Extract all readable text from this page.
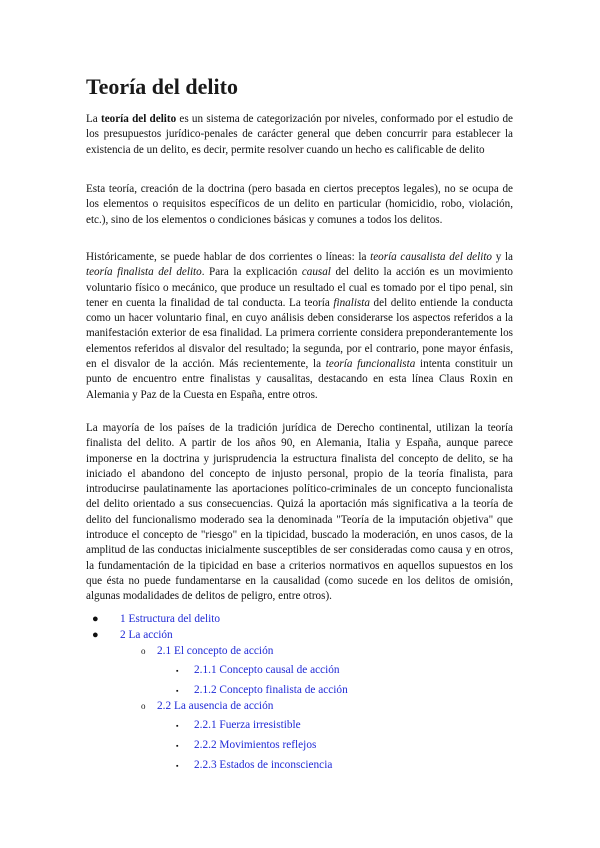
Teoría del delito

La teoría del delito es un sistema de categorización por niveles, conformado por el estudio de los presupuestos jurídico-penales de carácter general que deben concurrir para establecer la existencia de un delito, es decir, permite resolver cuando un hecho es calificable de delito

Esta teoría, creación de la doctrina (pero basada en ciertos preceptos legales), no se ocupa de los elementos o requisitos específicos de un delito en particular (homicidio, robo, violación, etc.), sino de los elementos o condiciones básicas y comunes a todos los delitos.

Históricamente, se puede hablar de dos corrientes o líneas: la teoría causalista del delito y la teoría finalista del delito. Para la explicación causal del delito la acción es un movimiento voluntario físico o mecánico, que produce un resultado el cual es tomado por el tipo penal, sin tener en cuenta la finalidad de tal conducta. La teoría finalista del delito entiende la conducta como un hacer voluntario final, en cuyo análisis deben considerarse los aspectos referidos a la manifestación exterior de esa finalidad. La primera corriente considera preponderantemente los elementos referidos al disvalor del resultado; la segunda, por el contrario, pone mayor énfasis, en el disvalor de la acción. Más recientemente, la teoría funcionalista intenta constituir un punto de encuentro entre finalistas y causalitas, destacando en esta línea Claus Roxin en Alemania y Paz de la Cuesta en España, entre otros.

La mayoría de los países de la tradición jurídica de Derecho continental, utilizan la teoría finalista del delito. A partir de los años 90, en Alemania, Italia y España, aunque parece imponerse en la doctrina y jurisprudencia la estructura finalista del concepto de delito, se ha iniciado el abandono del concepto de injusto personal, propio de la teoría finalista, para introducirse paulatinamente las aportaciones político-criminales de un concepto funcionalista del delito orientado a sus consecuencias. Quizá la aportación más significativa a la teoría de delito del funcionalismo moderado sea la denominada "Teoría de la imputación objetiva" que introduce el concepto de "riesgo" en la tipicidad, buscado la moderación, en unos casos, de la amplitud de las conductas inicialmente susceptibles de ser consideradas como causa y en otros, la fundamentación de la tipicidad en base a criterios normativos en aquellos supuestos en los que ésta no puede fundamentarse en la causalidad (como sucede en los delitos de omisión, algunas modalidades de delitos de peligro, entre otros).

● 1 Estructura del delito
● 2 La acción
o 2.1 El concepto de acción
▪ 2.1.1 Concepto causal de acción
▪ 2.1.2 Concepto finalista de acción
o 2.2 La ausencia de acción
▪ 2.2.1 Fuerza irresistible
▪ 2.2.2 Movimientos reflejos
▪ 2.2.3 Estados de inconsciencia
